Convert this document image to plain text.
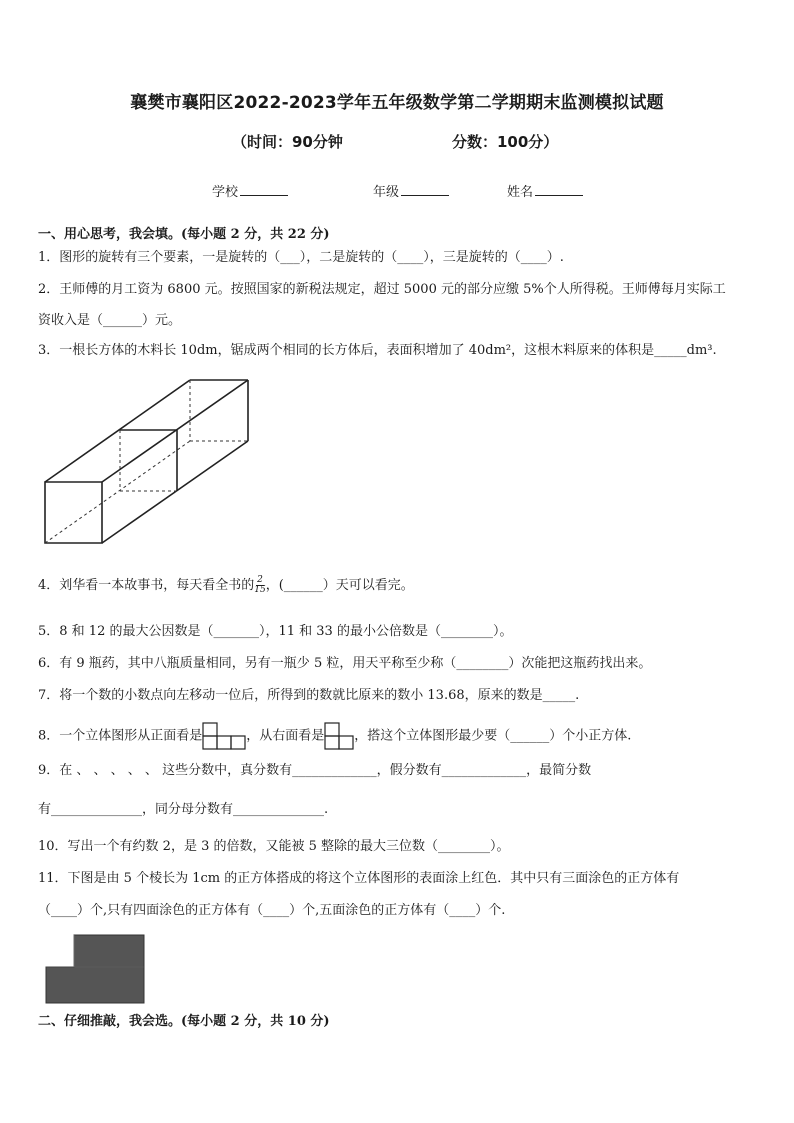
襄樊市襄阳区2022-2023学年五年级数学第二学期期末监测模拟试题
（时间：90分钟	分数：100分）
学校	年级	姓名
一、用心思考，我会填。(每小题 2 分，共 22 分)
1．图形的旋转有三个要素，一是旋转的（___），二是旋转的（____），三是旋转的（____）.
2．王师傅的月工资为 6800 元。按照国家的新税法规定，超过 5000 元的部分应缴 5%个人所得税。王师傅每月实际工
资收入是（______）元。
3．一根长方体的木料长 10dm，锯成两个相同的长方体后，表面积增加了 40dm²，这根木料原来的体积是_____dm³.
4．刘华看一本故事书，每天看全书的 $\frac{2}{15}$ ，(______）天可以看完。
5．8 和 12 的最大公因数是（_______），11 和 33 的最小公倍数是（________）。
6．有 9 瓶药，其中八瓶质量相同，另有一瓶少 5 粒，用天平称至少称（________）次能把这瓶药找出来。
7．将一个数的小数点向左移动一位后，所得到的数就比原来的数小 13.68，原来的数是_____.
8．一个立体图形从正面看是	，从右面看是 ，搭这个立体图形最少要（______）个小正方体.
9．在 、 、 、 、 、 这些分数中，真分数有_____________，假分数有_____________，最简分数
有______________，同分母分数有______________.
10．写出一个有约数 2，是 3 的倍数，又能被 5 整除的最大三位数（________）。
11．下图是由 5 个棱长为 1cm 的正方体搭成的将这个立体图形的表面涂上红色．其中只有三面涂色的正方体有
（____）个,只有四面涂色的正方体有（____）个,五面涂色的正方体有（____）个.
二、仔细推敲，我会选。(每小题 2 分，共 10 分)
